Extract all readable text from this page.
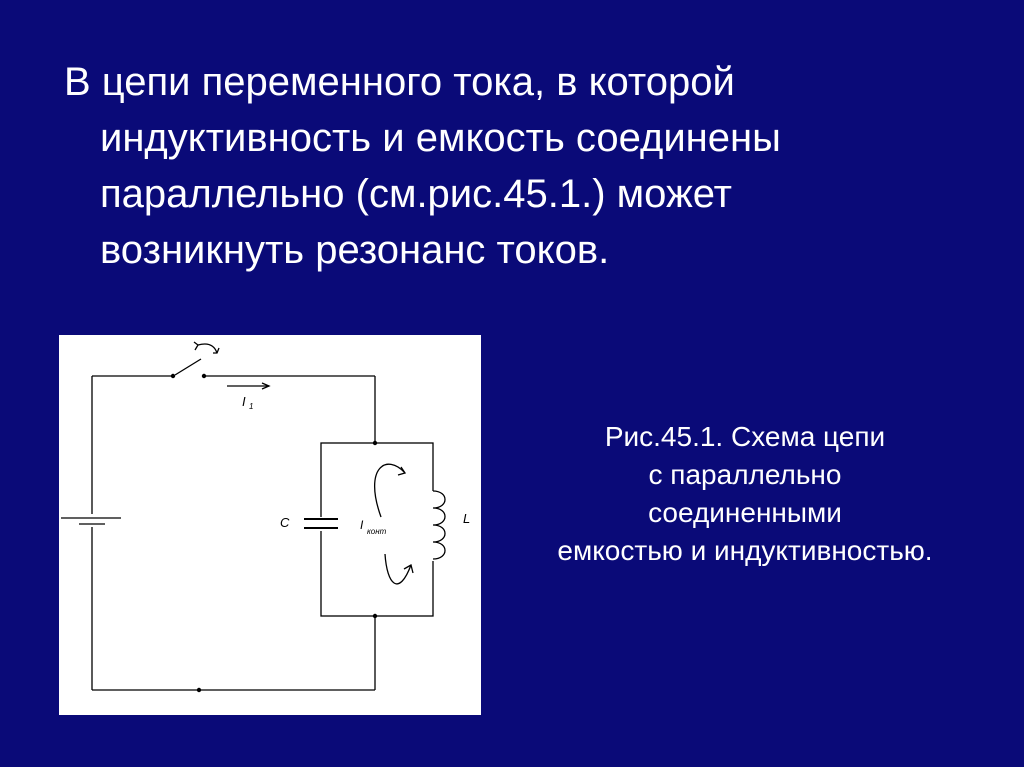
В цепи переменного тока, в которой
индуктивность и емкость соединены
параллельно (см.рис.45.1.) может
возникнуть резонанс токов.

I 1
C	I конт
L
Рис.45.1. Схема цепи
с параллельно
соединенными
емкостью и индуктивностью.
